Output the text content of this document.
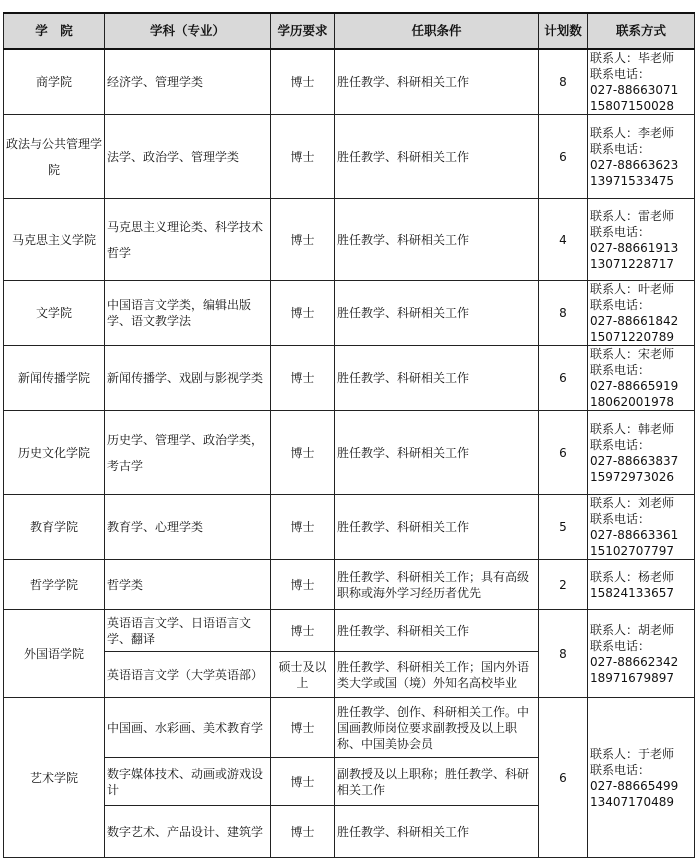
学　院	学科（专业）	学历要求	任职条件	计划数	联系方式
商学院	经济学、管理学类	博士	胜任教学、科研相关工作	8	联系人：毕老师
联系电话：
027-88663071
15807150028

政法与公共管理学院	法学、政治学、管理学类	博士	胜任教学、科研相关工作	6	联系人：李老师
联系电话：
027-88663623
13971533475

马克思主义学院	马克思主义理论类、科学技术哲学	博士	胜任教学、科研相关工作	4	联系人：雷老师
联系电话：
027-88661913
13071228717

文学院	中国语言文学类，编辑出版学、语文教学法	博士	胜任教学、科研相关工作	8	联系人：叶老师
联系电话：
027-88661842
15071220789

新闻传播学院	新闻传播学、戏剧与影视学类	博士	胜任教学、科研相关工作	6	联系人：宋老师
联系电话：
027-88665919
18062001978

历史文化学院	历史学、管理学、政治学类，考古学	博士	胜任教学、科研相关工作	6	联系人：韩老师
联系电话：
027-88663837
15972973026

教育学院	教育学、心理学类	博士	胜任教学、科研相关工作	5	联系人：刘老师
联系电话：
027-88663361
15102707797

哲学学院	哲学类	博士	胜任教学、科研相关工作；具有高级职称或海外学习经历者优先	2	联系人：杨老师
15824133657

外国语学院	英语语言文学、日语语言文学、翻译	博士	胜任教学、科研相关工作	8	联系人：胡老师
联系电话：
027-88662342
18971679897

	英语语言文学（大学英语部）	硕士及以上	胜任教学、科研相关工作；国内外语类大学或国（境）外知名高校毕业		
艺术学院	中国画、水彩画、美术教育学	博士	胜任教学、创作、科研相关工作。中国画教师岗位要求副教授及以上职称、中国美协会员	6	联系人：于老师
联系电话：
027-88665499
13407170489

	数字媒体技术、动画或游戏设计	博士	副教授及以上职称；胜任教学、科研相关工作		
	数字艺术、产品设计、建筑学	博士	胜任教学、科研相关工作		
